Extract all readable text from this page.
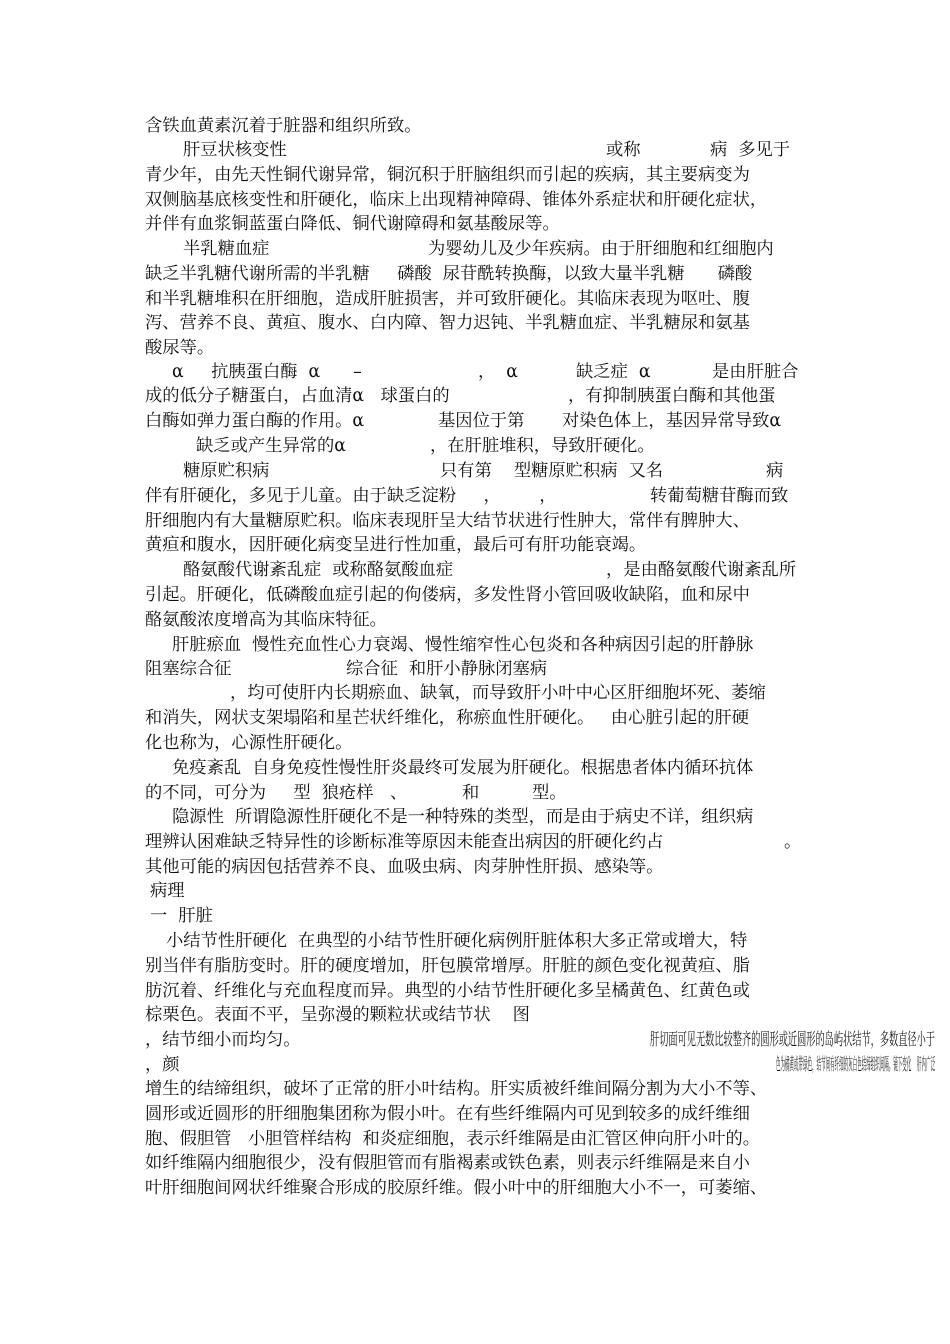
含铁血黄素沉着于脏器和组织所致。
肝豆状核变性	或称	病  多见于
青少年，由先天性铜代谢异常，铜沉积于肝脑组织而引起的疾病，其主要病变为
双侧脑基底核变性和肝硬化，临床上出现精神障碍、锥体外系症状和肝硬化症状，
并伴有血浆铜蓝蛋白降低、铜代谢障碍和氨基酸尿等。
半乳糖血症	为婴幼儿及少年疾病。由于肝细胞和红细胞内
缺乏半乳糖代谢所需的半乳糖     磷酸  尿苷酰转换酶，以致大量半乳糖      磷酸
和半乳糖堆积在肝细胞，造成肝脏损害，并可致肝硬化。其临床表现为呕吐、腹
泻、营养不良、黄疸、腹水、白内障、智力迟钝、半乳糖血症、半乳糖尿和氨基
酸尿等。
α     抗胰蛋白酶  α      –	，  α	缺乏症  α	是由肝脏合
成的低分子糖蛋白，占血清α   球蛋白的	，有抑制胰蛋白酶和其他蛋
白酶如弹力蛋白酶的作用。α	基因位于第 对染色体上，基因异常导致α
缺乏或产生异常的α	，在肝脏堆积，导致肝硬化。
糖原贮积病	只有第    型糖原贮积病  又名	病
伴有肝硬化，多见于儿童。由于缺乏淀粉     ，       ，	转葡萄糖苷酶而致
肝细胞内有大量糖原贮积。临床表现肝呈大结节状进行性肿大，常伴有脾肿大、
黄疸和腹水，因肝硬化病变呈进行性加重，最后可有肝功能衰竭。
酪氨酸代谢紊乱症  或称酪氨酸血症	，是由酪氨酸代谢紊乱所
引起。肝硬化，低磷酸血症引起的佝偻病，多发性肾小管回吸收缺陷，血和尿中
酪氨酸浓度增高为其临床特征。
肝脏瘀血  慢性充血性心力衰竭、慢性缩窄性心包炎和各种病因引起的肝静脉
阻塞综合征	综合征  和肝小静脉闭塞病
，均可使肝内长期瘀血、缺氧，而导致肝小叶中心区肝细胞坏死、萎缩
和消失，网状支架塌陷和星芒状纤维化，称瘀血性肝硬化。   由心脏引起的肝硬
化也称为，心源性肝硬化。
免疫紊乱  自身免疫性慢性肝炎最终可发展为肝硬化。根据患者体内循环抗体
的不同，可分为     型  狼疮样   、	和	型。
隐源性  所谓隐源性肝硬化不是一种特殊的类型，而是由于病史不详，组织病
理辨认困难缺乏特异性的诊断标准等原因未能查出病因的肝硬化约占	。
其他可能的病因包括营养不良、血吸虫病、肉芽肿性肝损、感染等。
病理
一  肝脏
小结节性肝硬化  在典型的小结节性肝硬化病例肝脏体积大多正常或增大，特
别当伴有脂肪变时。肝的硬度增加，肝包膜常增厚。肝脏的颜色变化视黄疸、脂
肪沉着、纤维化与充血程度而异。典型的小结节性肝硬化多呈橘黄色、红黄色或
棕栗色。表面不平，呈弥漫的颗粒状或结节状    图
，结节细小而均匀。	肝切面可见无数比较整齐的圆形或近圆形的岛屿状结节，多数直径小于
，颜	色为橘黄或带绿色，结节间有纤细的灰白色结缔组织间隔。镜下变化    肝内广泛
增生的结缔组织，破坏了正常的肝小叶结构。肝实质被纤维间隔分割为大小不等、
圆形或近圆形的肝细胞集团称为假小叶。在有些纤维隔内可见到较多的成纤维细
胞、假胆管   小胆管样结构  和炎症细胞，表示纤维隔是由汇管区伸向肝小叶的。
如纤维隔内细胞很少，没有假胆管而有脂褐素或铁色素，则表示纤维隔是来自小
叶肝细胞间网状纤维聚合形成的胶原纤维。假小叶中的肝细胞大小不一，可萎缩、
